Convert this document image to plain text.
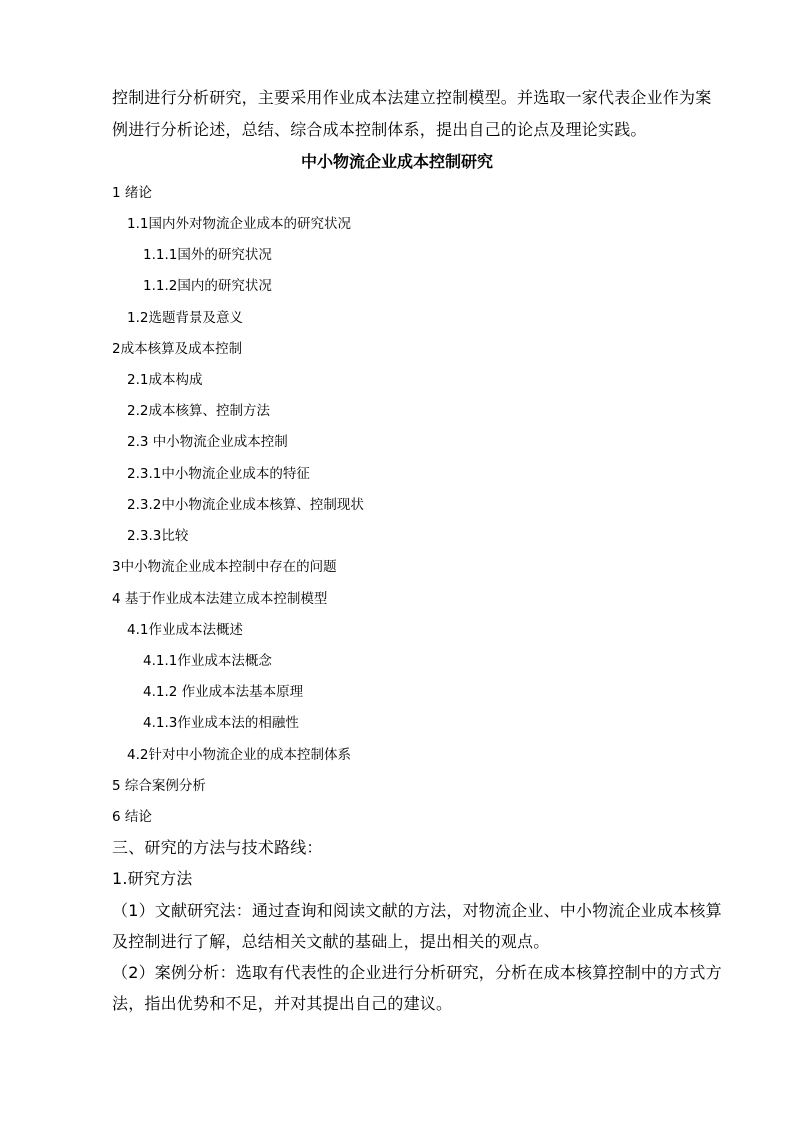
控制进行分析研究，主要采用作业成本法建立控制模型。并选取一家代表企业作为案
例进行分析论述，总结、综合成本控制体系，提出自己的论点及理论实践。
中小物流企业成本控制研究
1 绪论
1.1国内外对物流企业成本的研究状况
1.1.1国外的研究状况
1.1.2国内的研究状况
1.2选题背景及意义
2成本核算及成本控制
2.1成本构成
2.2成本核算、控制方法
2.3 中小物流企业成本控制
2.3.1中小物流企业成本的特征
2.3.2中小物流企业成本核算、控制现状
2.3.3比较
3中小物流企业成本控制中存在的问题
4 基于作业成本法建立成本控制模型
4.1作业成本法概述
4.1.1作业成本法概念
4.1.2 作业成本法基本原理
4.1.3作业成本法的相融性
4.2针对中小物流企业的成本控制体系
5 综合案例分析
6 结论
三、研究的方法与技术路线：
1.研究方法
（1）文献研究法：通过查询和阅读文献的方法，对物流企业、中小物流企业成本核算
及控制进行了解，总结相关文献的基础上，提出相关的观点。
（2）案例分析：选取有代表性的企业进行分析研究，分析在成本核算控制中的方式方
法，指出优势和不足，并对其提出自己的建议。
